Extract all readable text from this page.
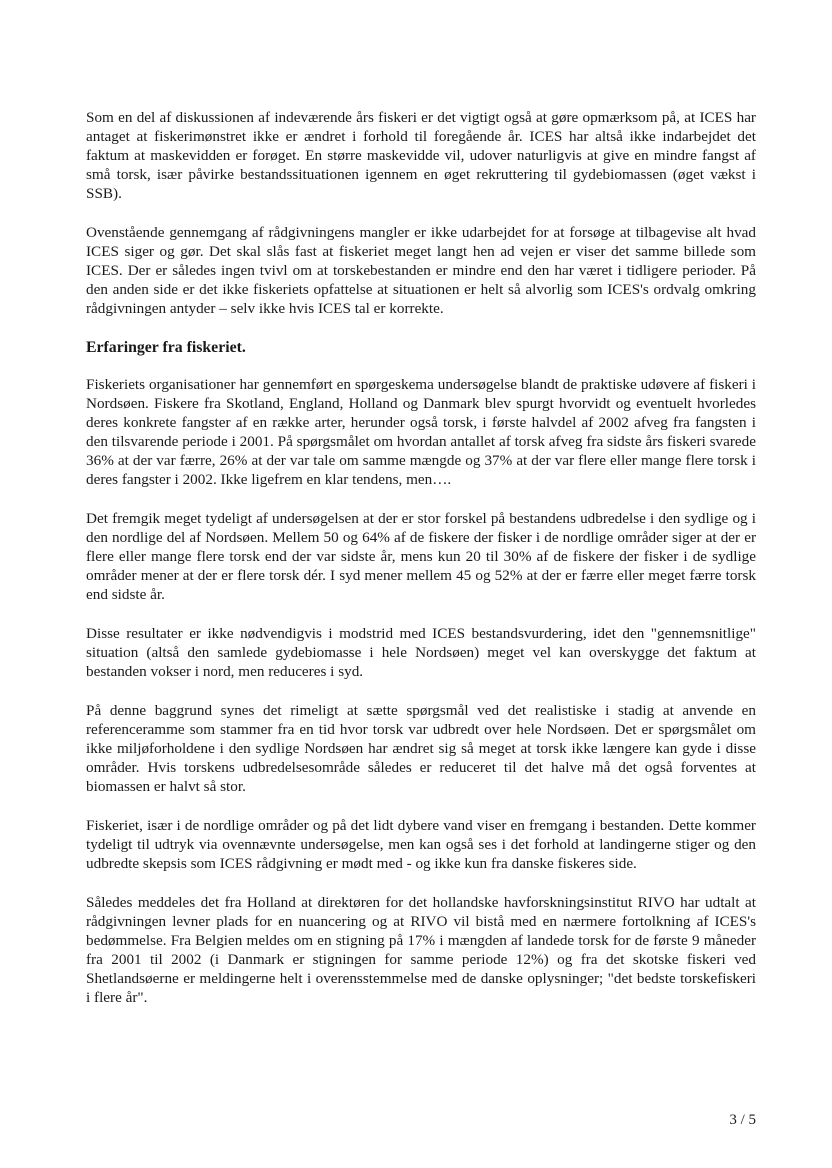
Som en del af diskussionen af indeværende års fiskeri er det vigtigt også at gøre opmærksom på, at ICES har antaget at fiskerimønstret ikke er ændret i forhold til foregående år. ICES har altså ikke indarbejdet det faktum at maskevidden er forøget. En større maskevidde vil, udover naturligvis at give en mindre fangst af små torsk, især påvirke bestandssituationen igennem en øget rekruttering til gydebiomassen (øget vækst i SSB).

Ovenstående gennemgang af rådgivningens mangler er ikke udarbejdet for at forsøge at tilbagevise alt hvad ICES siger og gør. Det skal slås fast at fiskeriet meget langt hen ad vejen er viser det samme billede som ICES. Der er således ingen tvivl om at torskebestanden er mindre end den har været i tidligere perioder. På den anden side er det ikke fiskeriets opfattelse at situationen er helt så alvorlig som ICES's ordvalg omkring rådgivningen antyder – selv ikke hvis ICES tal er korrekte.

Erfaringer fra fiskeriet.

Fiskeriets organisationer har gennemført en spørgeskema undersøgelse blandt de praktiske udøvere af fiskeri i Nordsøen. Fiskere fra Skotland, England, Holland og Danmark blev spurgt hvorvidt og eventuelt hvorledes deres konkrete fangster af en række arter, herunder også torsk, i første halvdel af 2002 afveg fra fangsten i den tilsvarende periode i 2001. På spørgsmålet om hvordan antallet af torsk afveg fra sidste års fiskeri svarede 36% at der var færre, 26% at der var tale om samme mængde og 37% at der var flere eller mange flere torsk i deres fangster i 2002. Ikke ligefrem en klar tendens, men….

Det fremgik meget tydeligt af undersøgelsen at der er stor forskel på bestandens udbredelse i den sydlige og i den nordlige del af Nordsøen. Mellem 50 og 64% af de fiskere der fisker i de nordlige områder siger at der er flere eller mange flere torsk end der var sidste år, mens kun 20 til 30% af de fiskere der fisker i de sydlige områder mener at der er flere torsk dér. I syd mener mellem 45 og 52% at der er færre eller meget færre torsk end sidste år.

Disse resultater er ikke nødvendigvis i modstrid med ICES bestandsvurdering, idet den "gennemsnitlige" situation (altså den samlede gydebiomasse i hele Nordsøen) meget vel kan overskygge det faktum at bestanden vokser i nord, men reduceres i syd.

På denne baggrund synes det rimeligt at sætte spørgsmål ved det realistiske i stadig at anvende en referenceramme som stammer fra en tid hvor torsk var udbredt over hele Nordsøen. Det er spørgsmålet om ikke miljøforholdene i den sydlige Nordsøen har ændret sig så meget at torsk ikke længere kan gyde i disse områder. Hvis torskens udbredelsesområde således er reduceret til det halve må det også forventes at biomassen er halvt så stor.

Fiskeriet, især i de nordlige områder og på det lidt dybere vand viser en fremgang i bestanden. Dette kommer tydeligt til udtryk via ovennævnte undersøgelse, men kan også ses i det forhold at landingerne stiger og den udbredte skepsis som ICES rådgivning er mødt med - og ikke kun fra danske fiskeres side.

Således meddeles det fra Holland at direktøren for det hollandske havforskningsinstitut RIVO har udtalt at rådgivningen levner plads for en nuancering og at RIVO vil bistå med en nærmere fortolkning af ICES's bedømmelse. Fra Belgien meldes om en stigning på 17% i mængden af landede torsk for de første 9 måneder fra 2001 til 2002 (i Danmark er stigningen for samme periode 12%) og fra det skotske fiskeri ved Shetlandsøerne er meldingerne helt i overensstemmelse med de danske oplysninger; "det bedste torskefiskeri i flere år".

3 / 5
